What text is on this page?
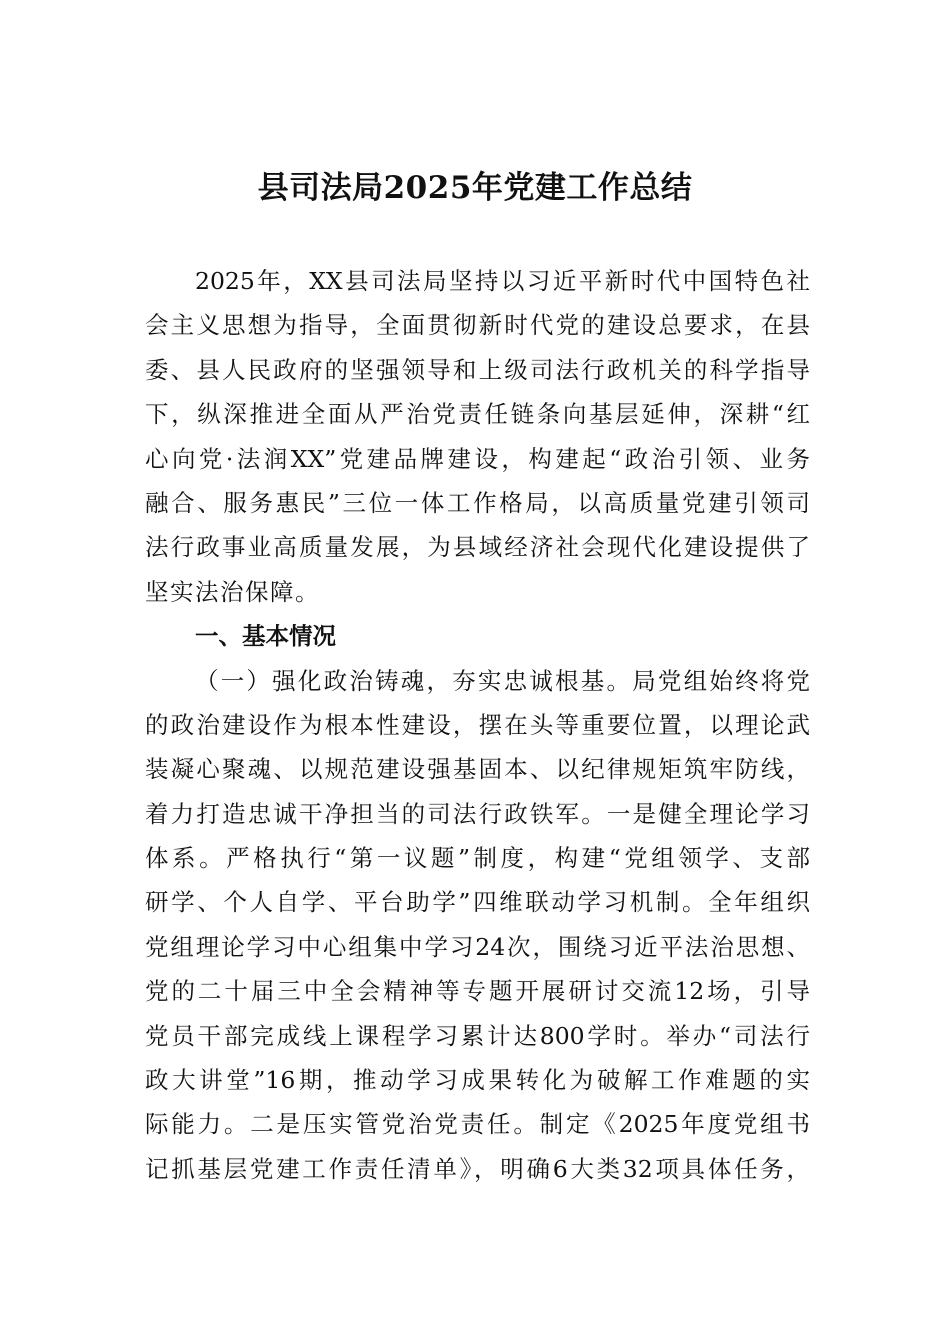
县司法局2025年党建工作总结
2025年，XX县司法局坚持以习近平新时代中国特色社
会主义思想为指导，全面贯彻新时代党的建设总要求，在县
委、县人民政府的坚强领导和上级司法行政机关的科学指导
下，纵深推进全面从严治党责任链条向基层延伸，深耕“红
心向党·法润XX”党建品牌建设，构建起“政治引领、业务
融合、服务惠民”三位一体工作格局，以高质量党建引领司
法行政事业高质量发展，为县域经济社会现代化建设提供了
坚实法治保障。
一、基本情况
（一）强化政治铸魂，夯实忠诚根基。局党组始终将党
的政治建设作为根本性建设，摆在头等重要位置，以理论武
装凝心聚魂、以规范建设强基固本、以纪律规矩筑牢防线，
着力打造忠诚干净担当的司法行政铁军。一是健全理论学习
体系。严格执行“第一议题”制度，构建“党组领学、支部
研学、个人自学、平台助学”四维联动学习机制。全年组织
党组理论学习中心组集中学习24次，围绕习近平法治思想、
党的二十届三中全会精神等专题开展研讨交流12场，引导
党员干部完成线上课程学习累计达800学时。举办“司法行
政大讲堂”16期，推动学习成果转化为破解工作难题的实
际能力。二是压实管党治党责任。制定《2025年度党组书
记抓基层党建工作责任清单》，明确6大类32项具体任务，
